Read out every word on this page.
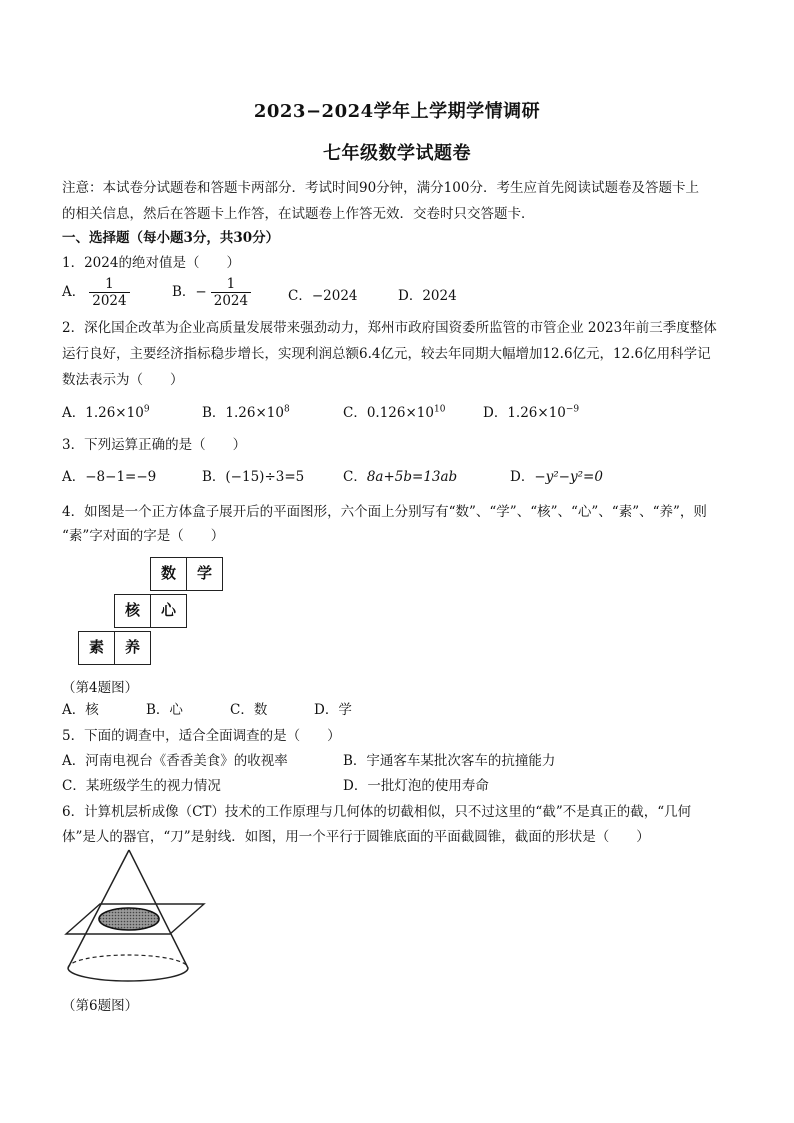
2023−2024学年上学期学情调研
七年级数学试题卷
注意：本试卷分试题卷和答题卡两部分．考试时间90分钟，满分100分．考生应首先阅读试题卷及答题卡上
的相关信息，然后在答题卡上作答，在试题卷上作答无效．交卷时只交答题卡．
一、选择题（每小题3分，共30分）
1．2024的绝对值是（　　）
A． $\frac{1}{2024}$	B．− $\frac{1}{2024}$	C．−2024	D．2024
2．深化国企改革为企业高质量发展带来强劲动力，郑州市政府国资委所监管的市管企业 2023年前三季度整体
运行良好，主要经济指标稳步增长，实现利润总额6.4亿元，较去年同期大幅增加12.6亿元，12.6亿用科学记
数法表示为（　　）
A．$1.26\times 10^9$	B．$1.26\times 10^8$	C．$0.126\times 10^{10}$	D．$1.26\times 10^{-9}$
3．下列运算正确的是（　　）
A．−8−1=−9	B．(−15)÷3=5	C．8a+5b=13ab	D．−y²−y²=0
4．如图是一个正方体盒子展开后的平面图形，六个面上分别写有“数”、“学”、“核”、“心”、“素”、“养”，则
“素”字对面的字是（　　）
数	学
核	心
素	养
（第4题图）
A．核	B．心	C．数	D．学
5．下面的调查中，适合全面调查的是（　　）
A．河南电视台《香香美食》的收视率	B．宇通客车某批次客车的抗撞能力
C．某班级学生的视力情况	D．一批灯泡的使用寿命
6．计算机层析成像（CT）技术的工作原理与几何体的切截相似，只不过这里的“截”不是真正的截，“几何
体”是人的器官，“刀”是射线．如图，用一个平行于圆锥底面的平面截圆锥，截面的形状是（　　）
（第6题图）
